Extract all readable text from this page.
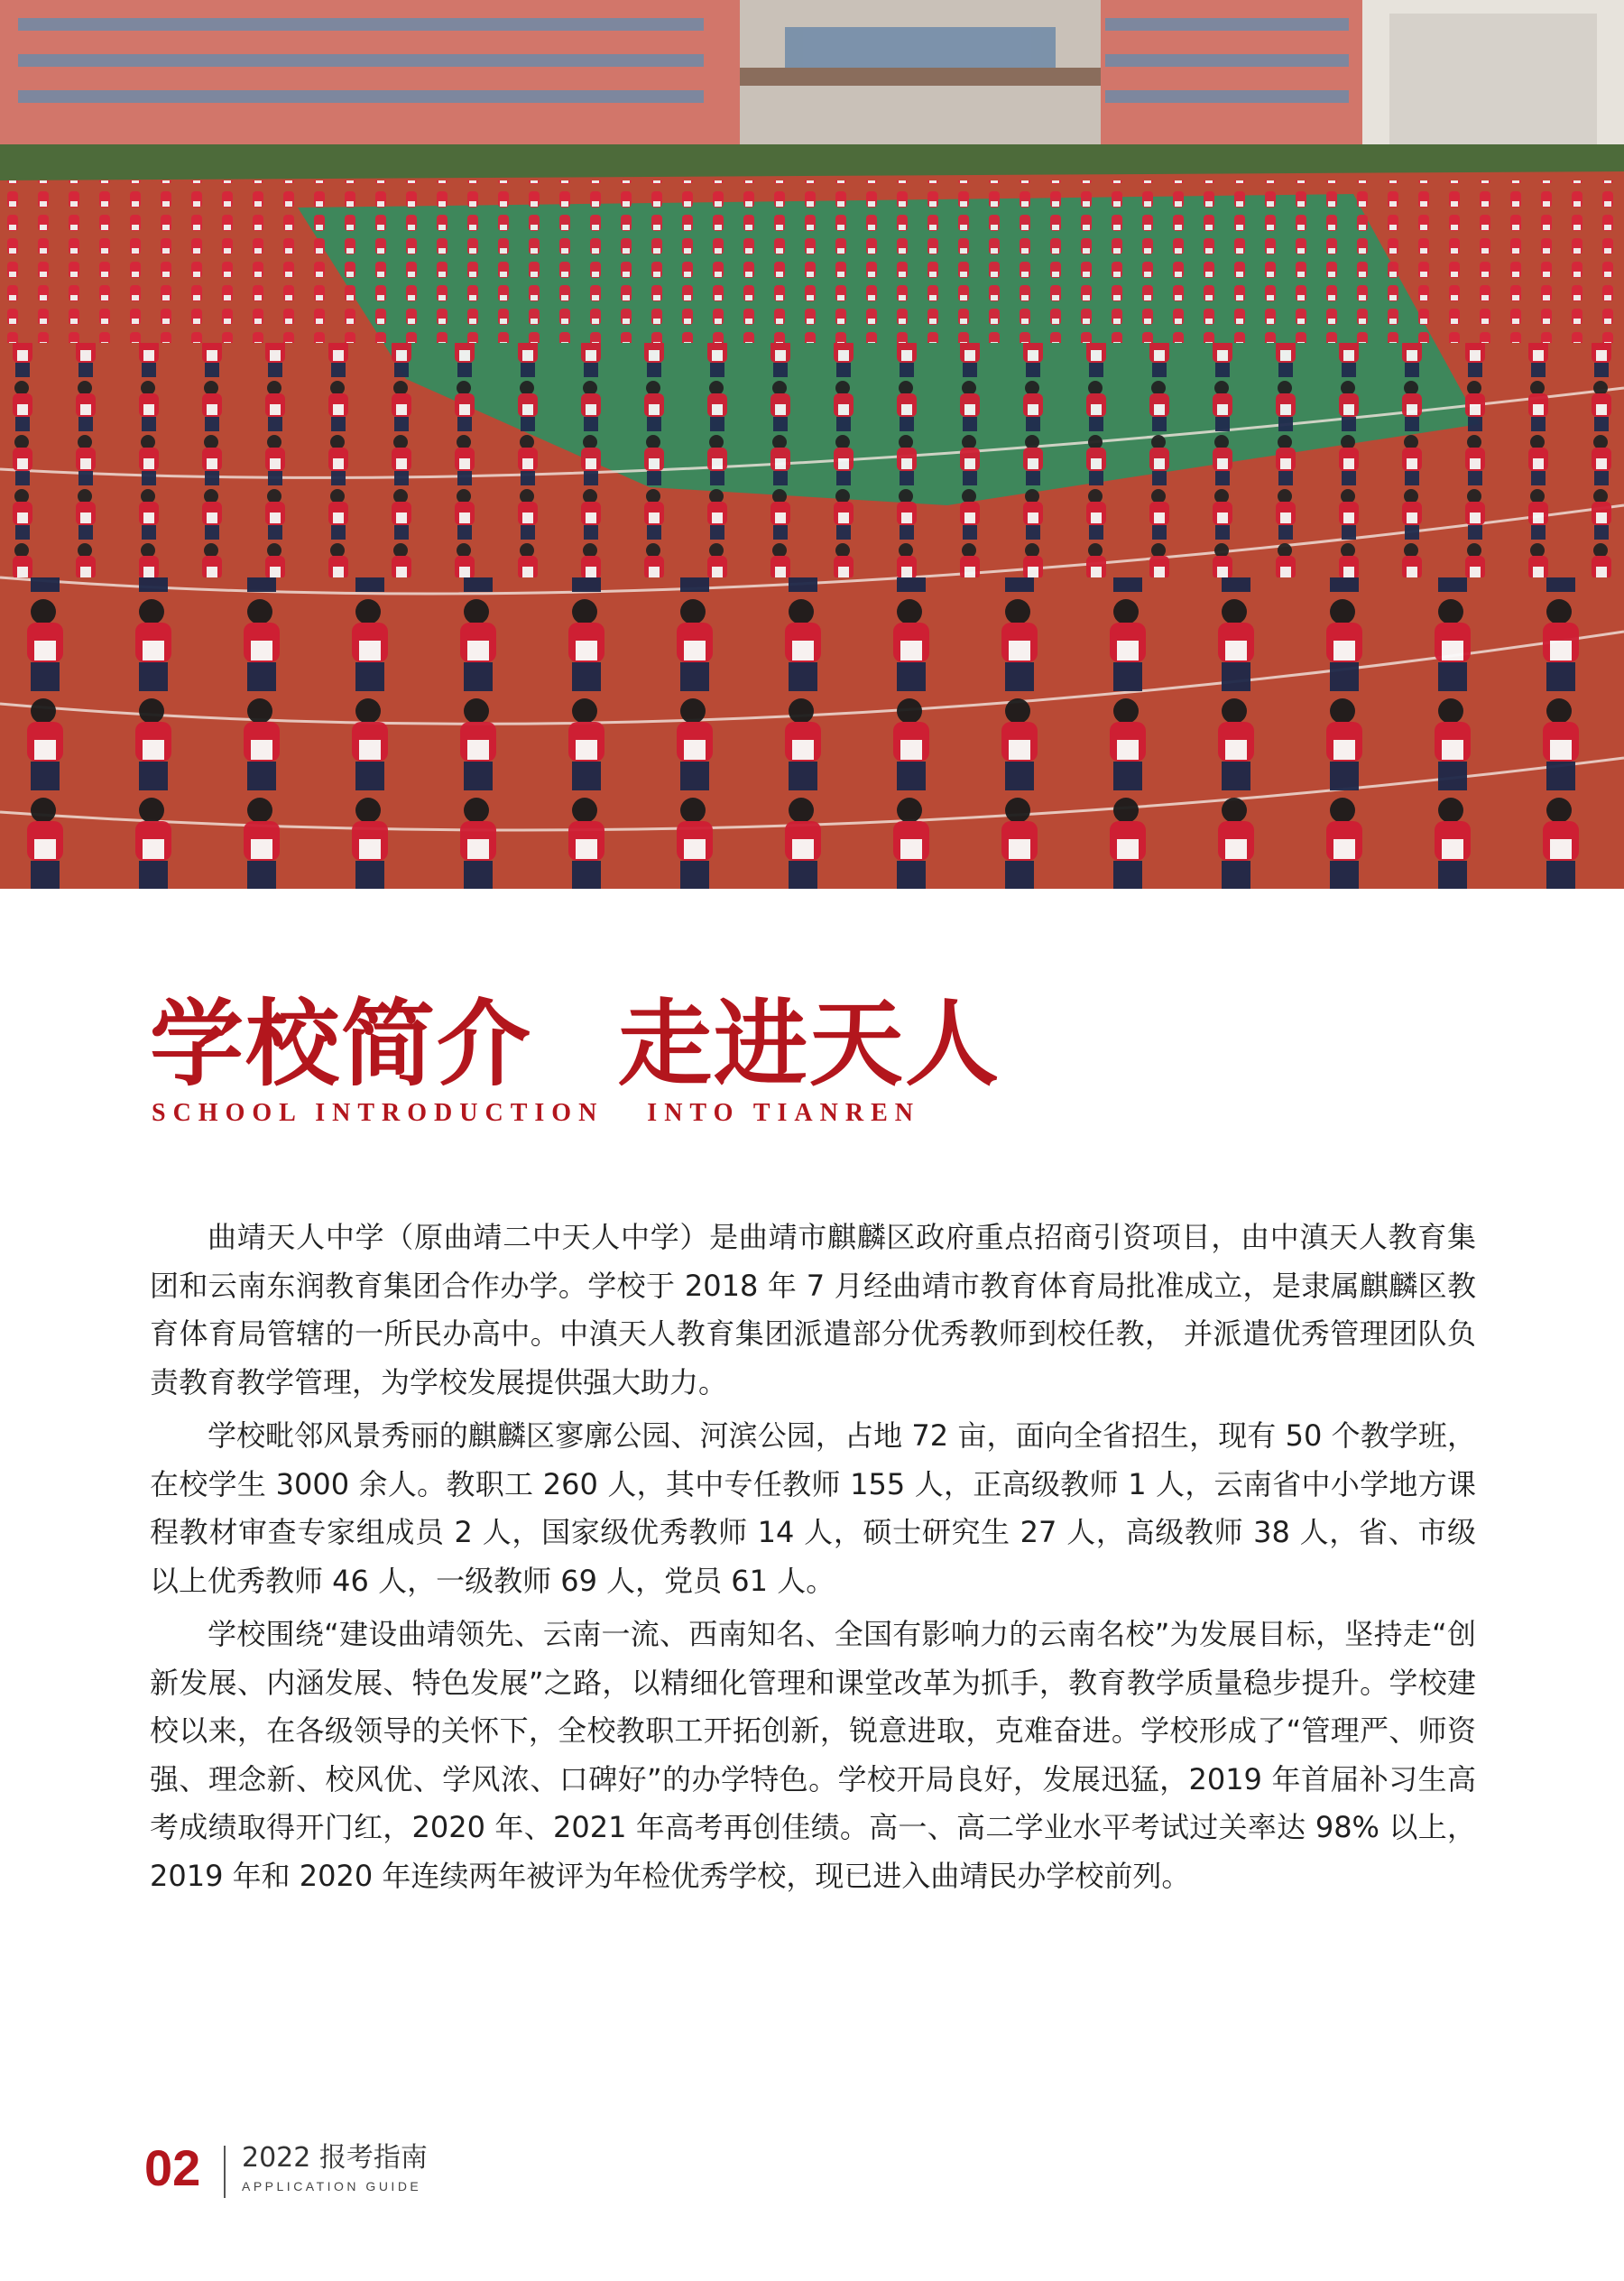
学校简介 走进天人
SCHOOL INTRODUCTION INTO TIANREN

曲靖天人中学（原曲靖二中天人中学）是曲靖市麒麟区政府重点招商引资项目，由中滇天人教育集团和云南东润教育集团合作办学。学校于 2018 年 7 月经曲靖市教育体育局批准成立，是隶属麒麟区教育体育局管辖的一所民办高中。中滇天人教育集团派遣部分优秀教师到校任教， 并派遣优秀管理团队负责教育教学管理，为学校发展提供强大助力。

学校毗邻风景秀丽的麒麟区寥廓公园、河滨公园，占地 72 亩，面向全省招生，现有 50 个教学班，在校学生 3000 余人。教职工 260 人，其中专任教师 155 人，正高级教师 1 人，云南省中小学地方课程教材审查专家组成员 2 人，国家级优秀教师 14 人，硕士研究生 27 人，高级教师 38 人，省、市级以上优秀教师 46 人，一级教师 69 人，党员 61 人。

学校围绕“建设曲靖领先、云南一流、西南知名、全国有影响力的云南名校”为发展目标，坚持走“创新发展、内涵发展、特色发展”之路，以精细化管理和课堂改革为抓手，教育教学质量稳步提升。学校建校以来，在各级领导的关怀下，全校教职工开拓创新，锐意进取，克难奋进。学校形成了“管理严、师资强、理念新、校风优、学风浓、口碑好”的办学特色。学校开局良好，发展迅猛，2019 年首届补习生高考成绩取得开门红，2020 年、2021 年高考再创佳绩。高一、高二学业水平考试过关率达 98% 以上，2019 年和 2020 年连续两年被评为年检优秀学校，现已进入曲靖民办学校前列。

02 2022 报考指南
APPLICATION GUIDE
